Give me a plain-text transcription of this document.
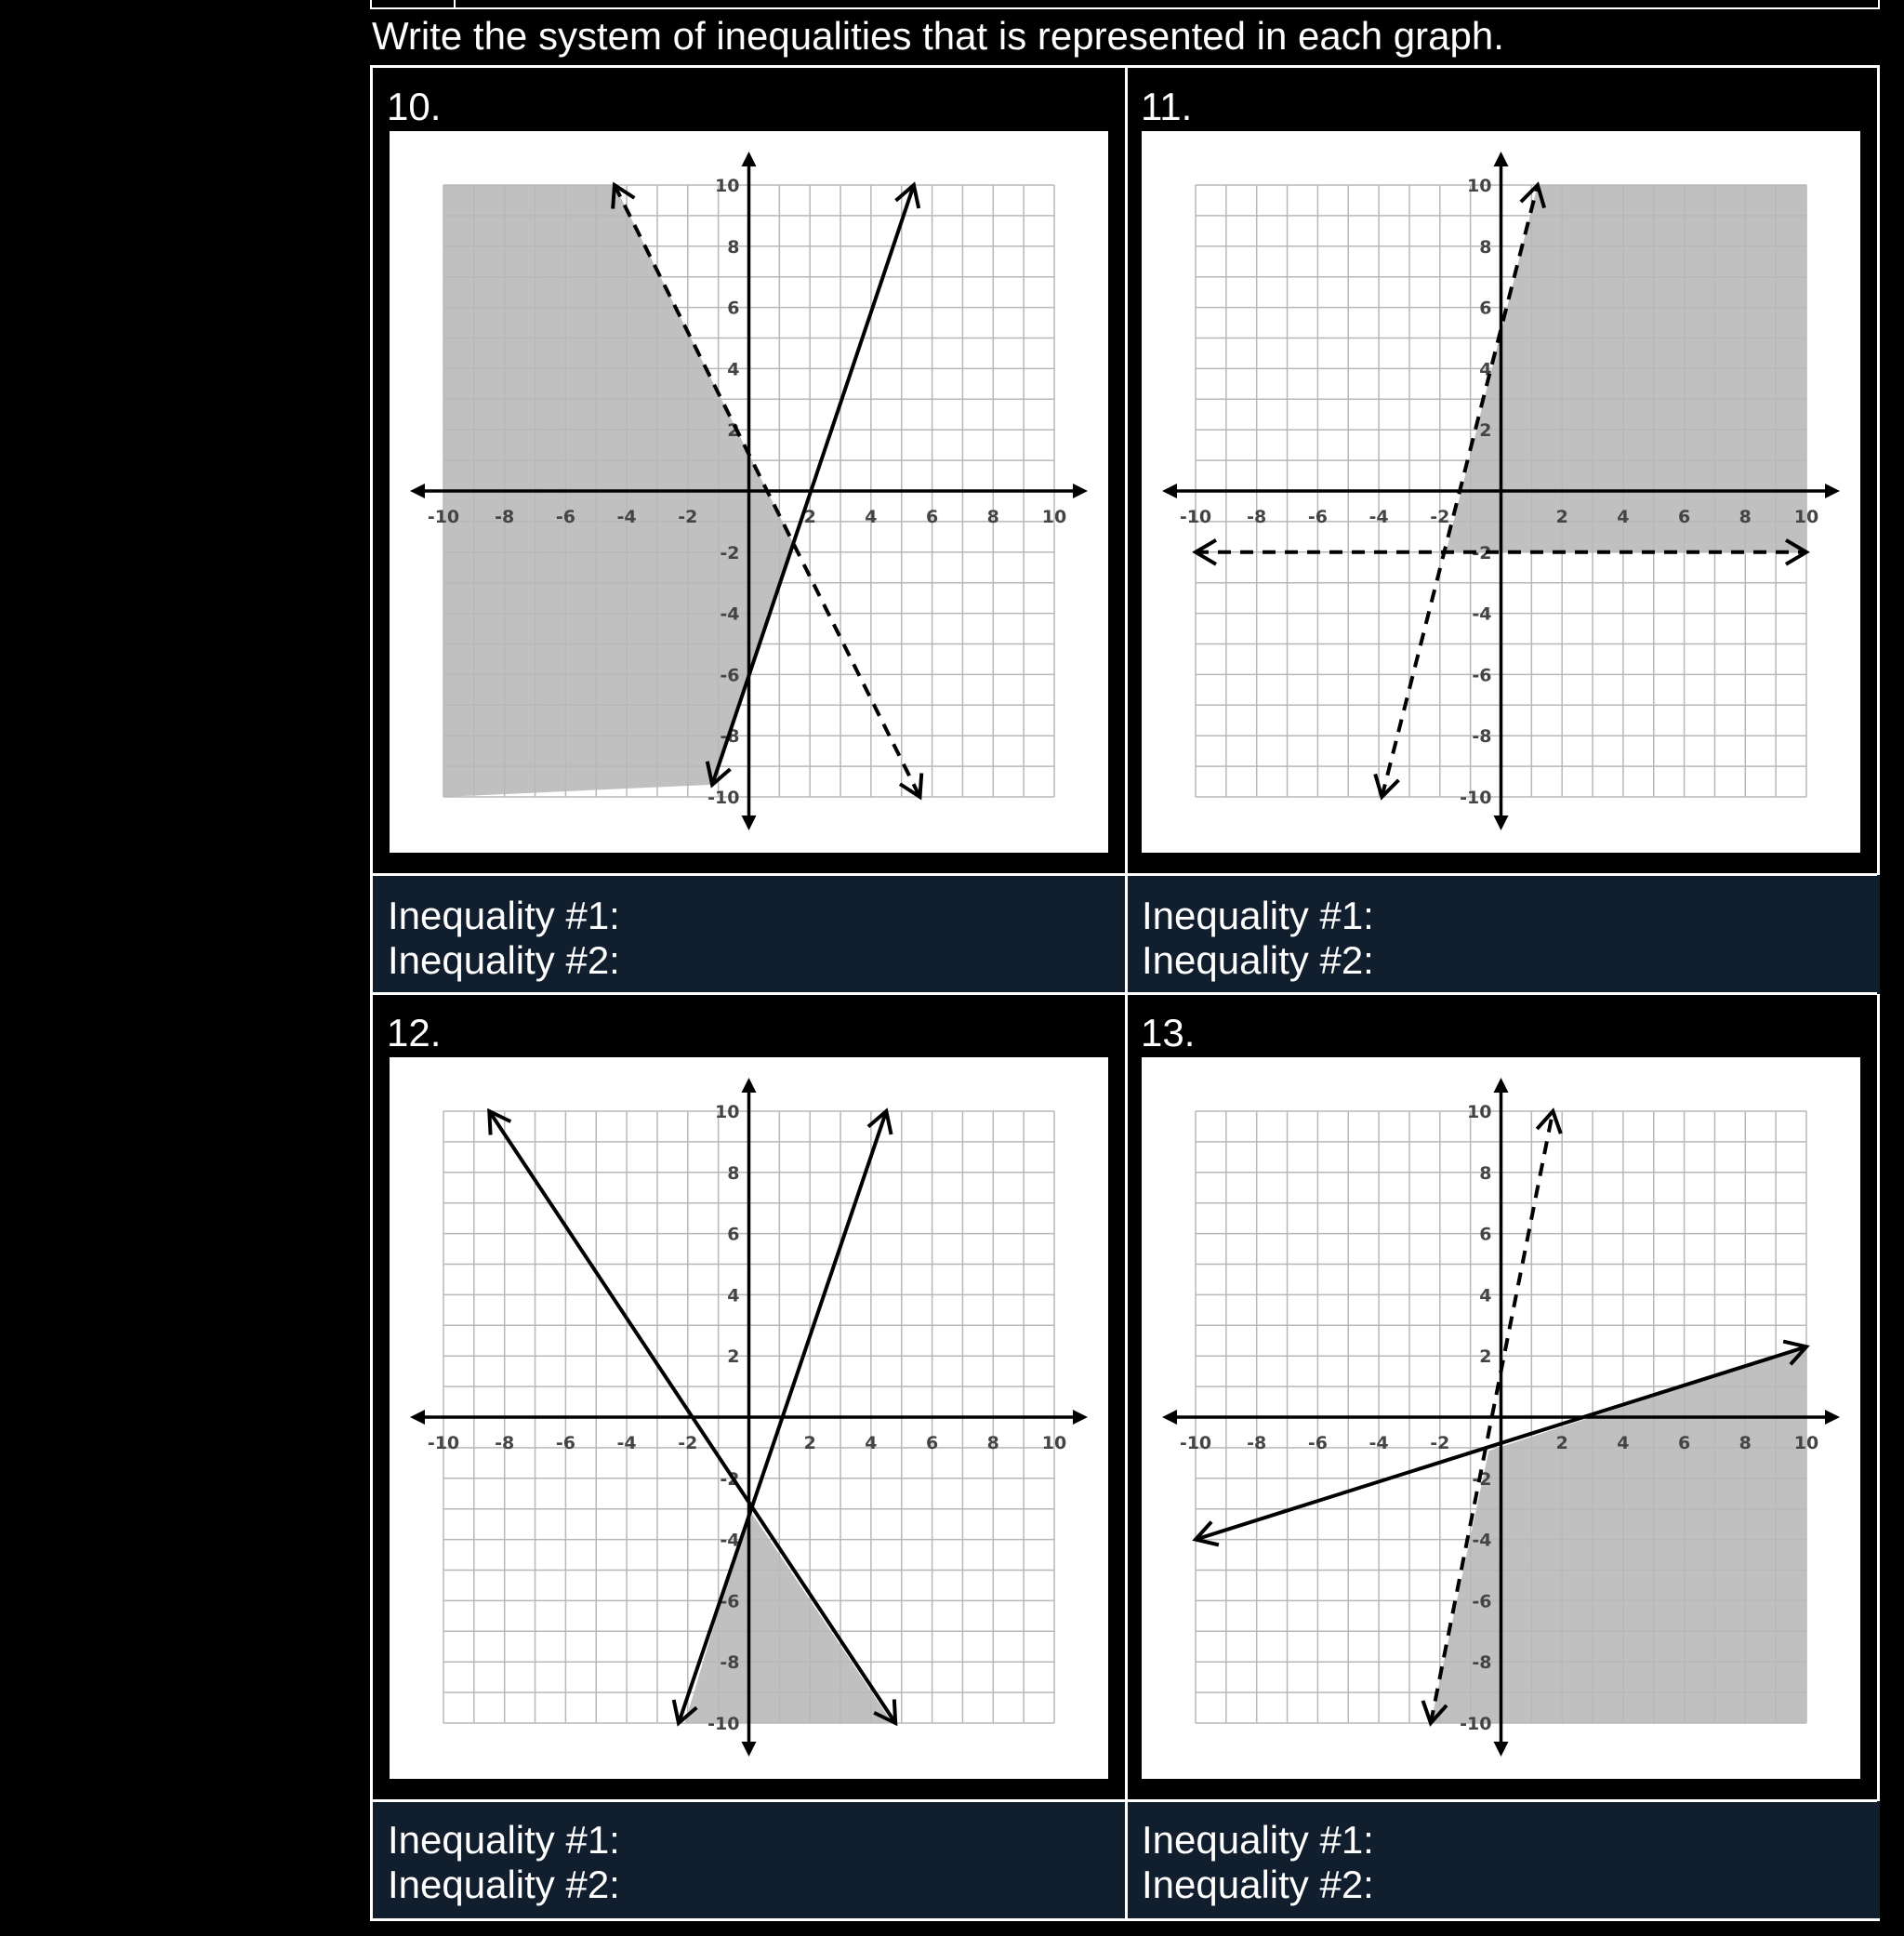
Write the system of inequalities that is represented in each graph.
10.
-10 -8 -6 -4 -2	2	4	6	8 10
10
8
6
4
2
-2
-4
-6
-8
-10
11.
-10 -8 -6 -4 -2	2	4	6	8 10
10
8
6
4
2
-2
-4
-6
-8
-10
Inequality #1:
Inequality #2:
Inequality #1:
Inequality #2:
12.
-10 -8 -6 -4 -2	2	4	6	8 10
10
8
6
4
2
-2
-4
-6
-8
-10
13.
-10 -8 -6 -4 -2	2	4	6	8 10
10
8
6
4
2
-2
-4
-6
-8
-10
Inequality #1:
Inequality #2:
Inequality #1:
Inequality #2:
